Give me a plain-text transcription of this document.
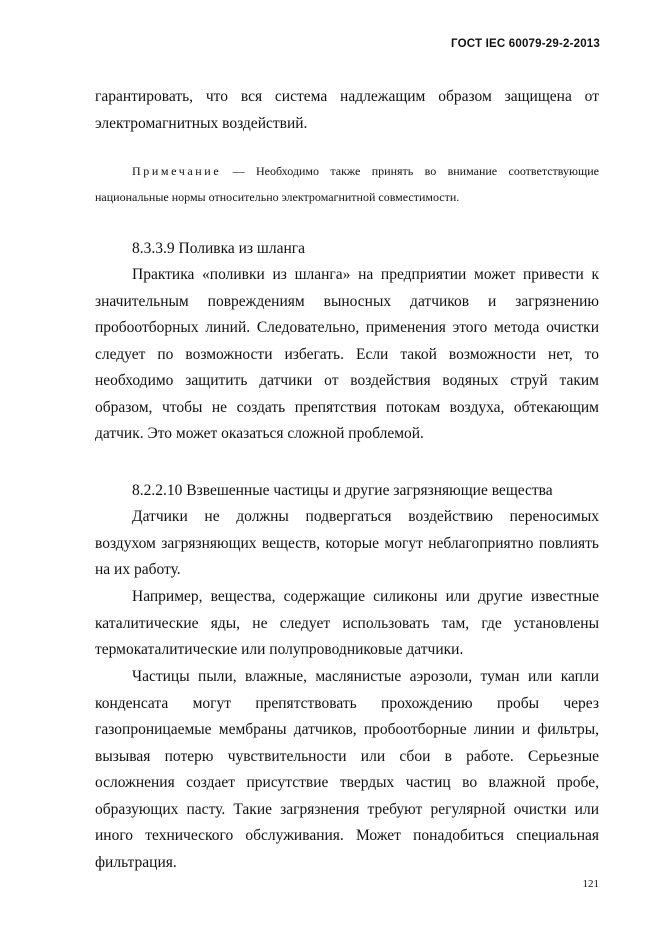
ГОСТ IEC 60079-29-2-2013

гарантировать, что вся система надлежащим образом защищена от электромагнитных воздействий.

Примечание — Необходимо также принять во внимание соответствующие национальные нормы относительно электромагнитной совместимости.

8.3.3.9 Поливка из шланга

Практика «поливки из шланга» на предприятии может привести к значительным повреждениям выносных датчиков и загрязнению пробоотборных линий. Следовательно, применения этого метода очистки следует по возможности избегать. Если такой возможности нет, то необходимо защитить датчики от воздействия водяных струй таким образом, чтобы не создать препятствия потокам воздуха, обтекающим датчик. Это может оказаться сложной проблемой.

8.2.2.10 Взвешенные частицы и другие загрязняющие вещества

Датчики не должны подвергаться воздействию переносимых воздухом загрязняющих веществ, которые могут неблагоприятно повлиять на их работу.

Например, вещества, содержащие силиконы или другие известные каталитические яды, не следует использовать там, где установлены термокаталитические или полупроводниковые датчики.

Частицы пыли, влажные, маслянистые аэрозоли, туман или капли конденсата могут препятствовать прохождению пробы через газопроницаемые мембраны датчиков, пробоотборные линии и фильтры, вызывая потерю чувствительности или сбои в работе. Серьезные осложнения создает присутствие твердых частиц во влажной пробе, образующих пасту. Такие загрязнения требуют регулярной очистки или иного технического обслуживания. Может понадобиться специальная фильтрация.

121
